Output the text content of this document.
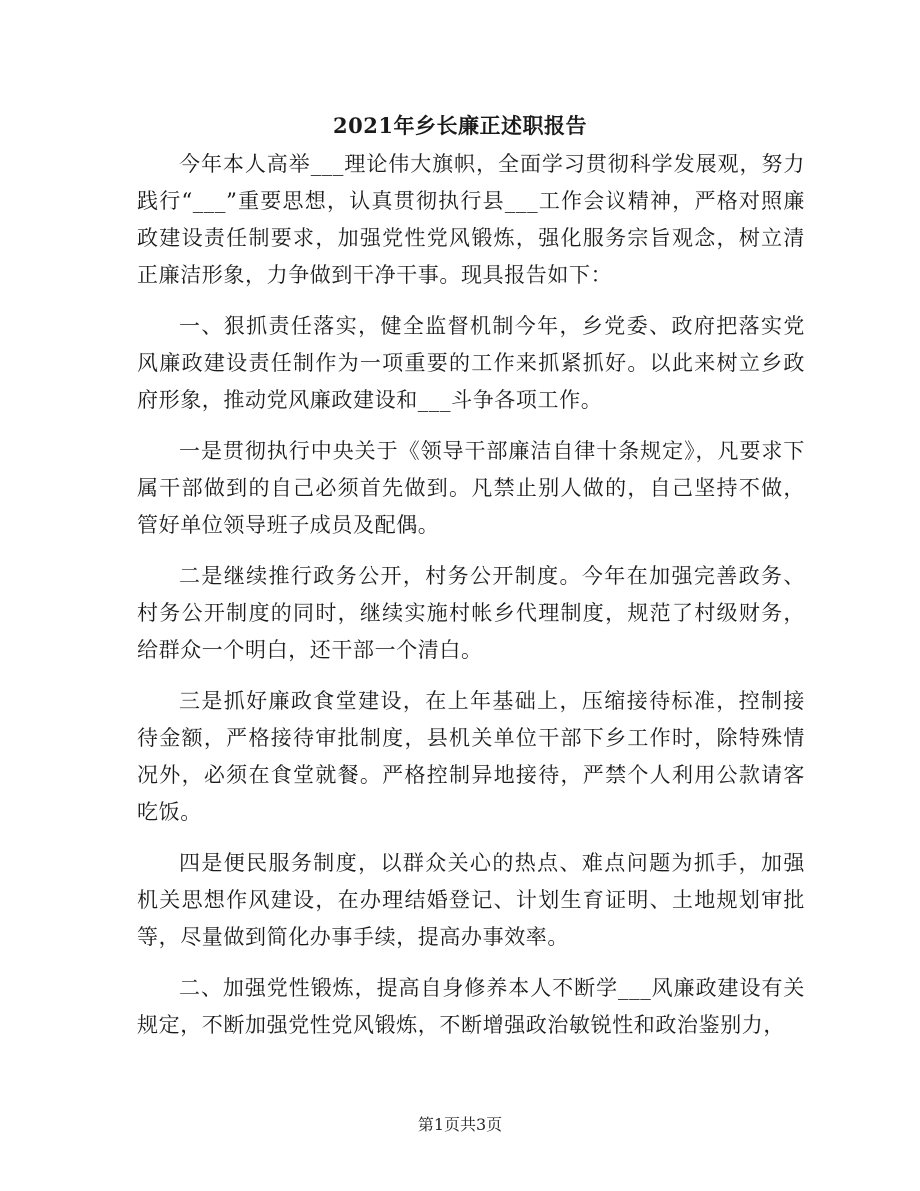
2021年乡长廉正述职报告

今年本人高举___理论伟大旗帜，全面学习贯彻科学发展观，努力践行“___”重要思想，认真贯彻执行县___工作会议精神，严格对照廉政建设责任制要求，加强党性党风锻炼，强化服务宗旨观念，树立清正廉洁形象，力争做到干净干事。现具报告如下：

一、狠抓责任落实，健全监督机制今年，乡党委、政府把落实党风廉政建设责任制作为一项重要的工作来抓紧抓好。以此来树立乡政府形象，推动党风廉政建设和___斗争各项工作。

一是贯彻执行中央关于《领导干部廉洁自律十条规定》，凡要求下属干部做到的自己必须首先做到。凡禁止别人做的，自己坚持不做，管好单位领导班子成员及配偶。

二是继续推行政务公开，村务公开制度。今年在加强完善政务、村务公开制度的同时，继续实施村帐乡代理制度，规范了村级财务，给群众一个明白，还干部一个清白。

三是抓好廉政食堂建设，在上年基础上，压缩接待标准，控制接待金额，严格接待审批制度，县机关单位干部下乡工作时，除特殊情况外，必须在食堂就餐。严格控制异地接待，严禁个人利用公款请客吃饭。

四是便民服务制度，以群众关心的热点、难点问题为抓手，加强机关思想作风建设，在办理结婚登记、计划生育证明、土地规划审批等，尽量做到简化办事手续，提高办事效率。

二、加强党性锻炼，提高自身修养本人不断学___风廉政建设有关规定，不断加强党性党风锻炼，不断增强政治敏锐性和政治鉴别力，

第1页共3页
